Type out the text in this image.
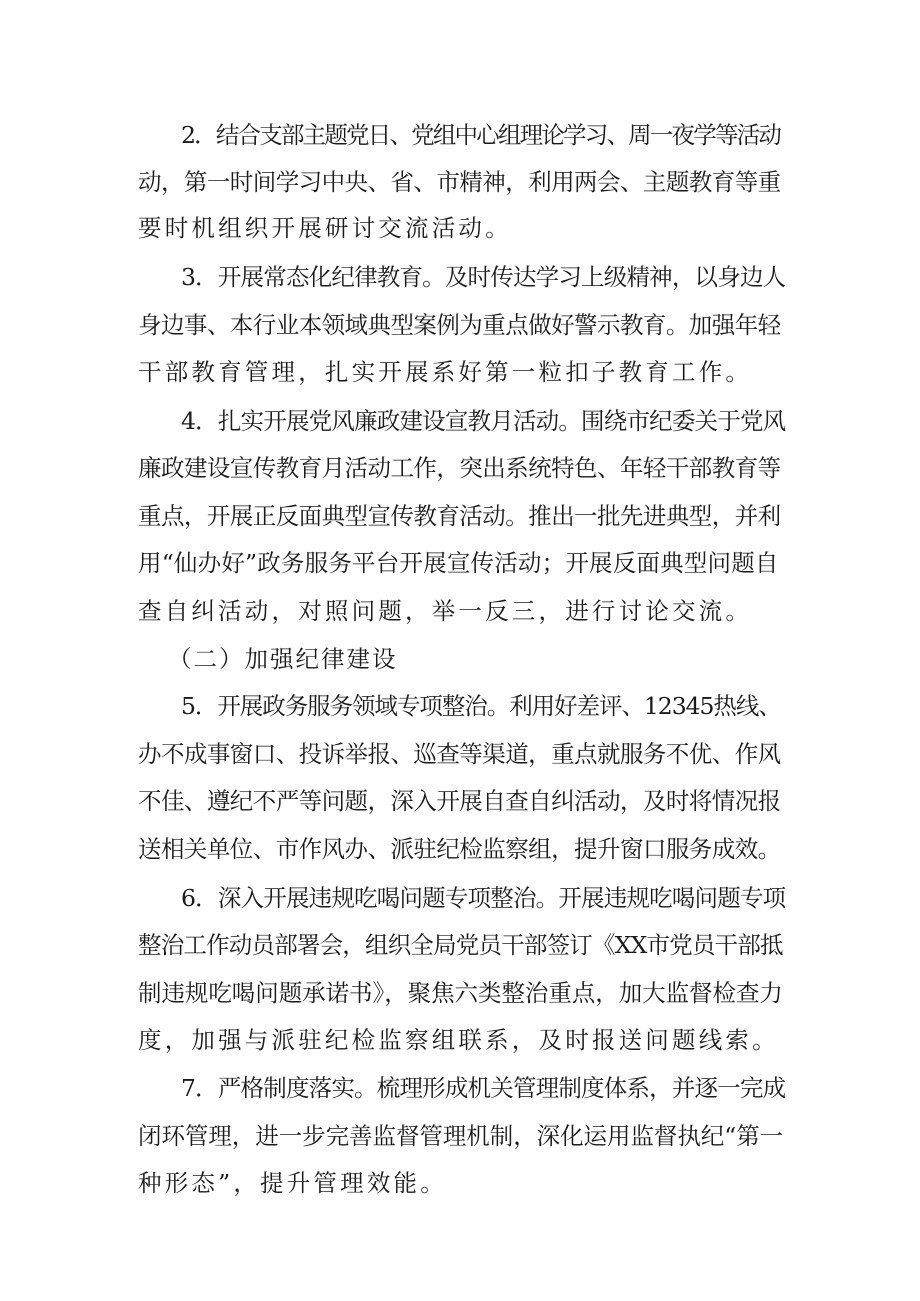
2．结合支部主题党日、党组中心组理论学习、周一夜学等活动
动，第一时间学习中央、省、市精神，利用两会、主题教育等重
要时机组织开展研讨交流活动。
3．开展常态化纪律教育。及时传达学习上级精神，以身边人
身边事、本行业本领域典型案例为重点做好警示教育。加强年轻
干部教育管理，扎实开展系好第一粒扣子教育工作。
4．扎实开展党风廉政建设宣教月活动。围绕市纪委关于党风
廉政建设宣传教育月活动工作，突出系统特色、年轻干部教育等
重点，开展正反面典型宣传教育活动。推出一批先进典型，并利
用“仙办好”政务服务平台开展宣传活动；开展反面典型问题自
查自纠活动，对照问题，举一反三，进行讨论交流。
（二）加强纪律建设
5．开展政务服务领域专项整治。利用好差评、12345热线、
办不成事窗口、投诉举报、巡查等渠道，重点就服务不优、作风
不佳、遵纪不严等问题，深入开展自查自纠活动，及时将情况报
送相关单位、市作风办、派驻纪检监察组，提升窗口服务成效。
6．深入开展违规吃喝问题专项整治。开展违规吃喝问题专项
整治工作动员部署会，组织全局党员干部签订《XX市党员干部抵
制违规吃喝问题承诺书》，聚焦六类整治重点，加大监督检查力
度，加强与派驻纪检监察组联系，及时报送问题线索。
7．严格制度落实。梳理形成机关管理制度体系，并逐一完成
闭环管理，进一步完善监督管理机制，深化运用监督执纪“第一
种形态”，提升管理效能。
